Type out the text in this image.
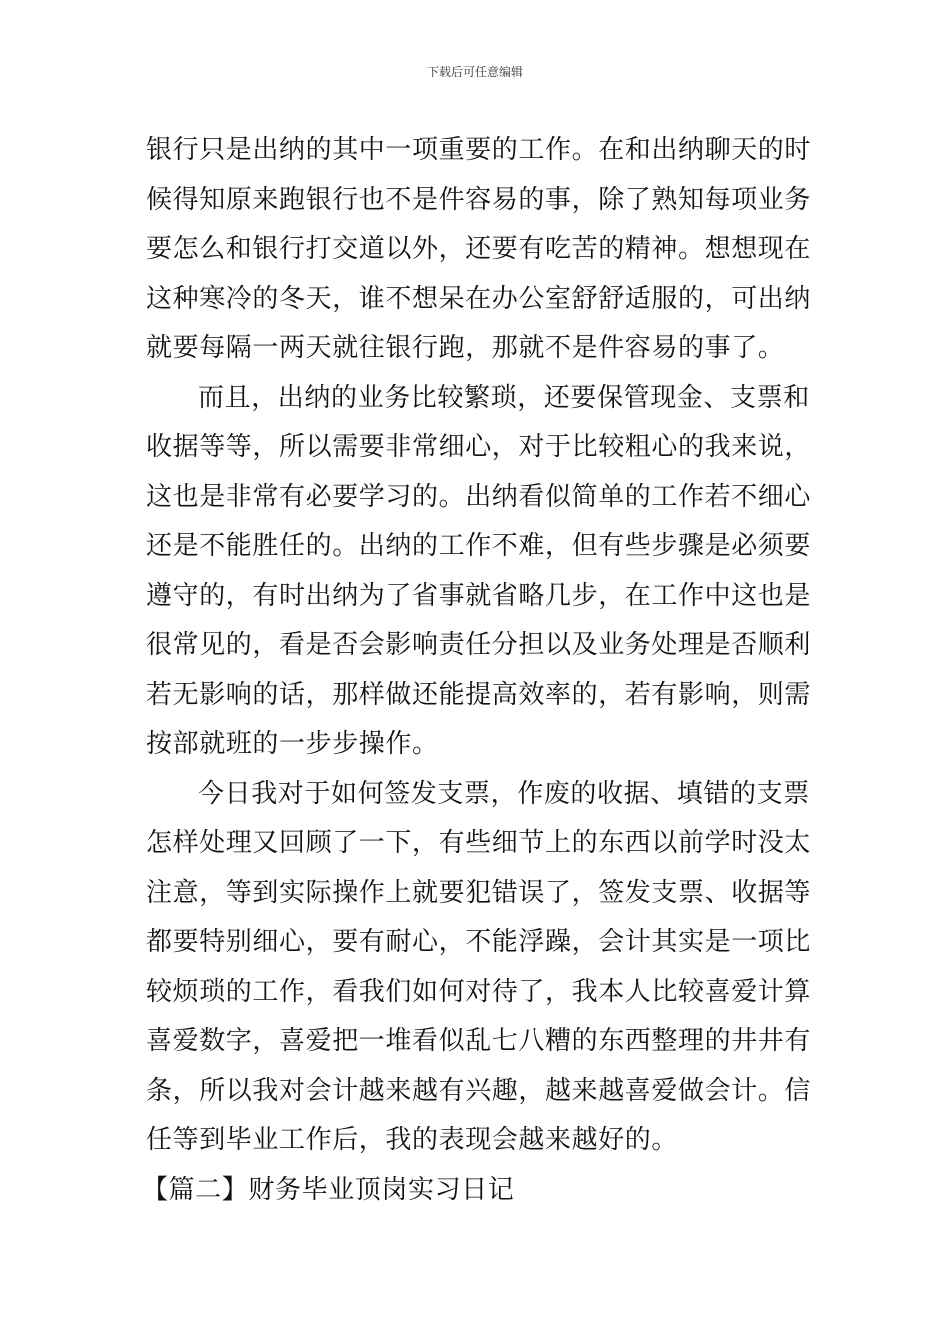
下载后可任意编辑
银行只是出纳的其中一项重要的工作。在和出纳聊天的时
候得知原来跑银行也不是件容易的事，除了熟知每项业务
要怎么和银行打交道以外，还要有吃苦的精神。想想现在
这种寒冷的冬天，谁不想呆在办公室舒舒适服的，可出纳
就要每隔一两天就往银行跑，那就不是件容易的事了。
而且，出纳的业务比较繁琐，还要保管现金、支票和
收据等等，所以需要非常细心，对于比较粗心的我来说，
这也是非常有必要学习的。出纳看似简单的工作若不细心
还是不能胜任的。出纳的工作不难，但有些步骤是必须要
遵守的，有时出纳为了省事就省略几步，在工作中这也是
很常见的，看是否会影响责任分担以及业务处理是否顺利
若无影响的话，那样做还能提高效率的，若有影响，则需
按部就班的一步步操作。
今日我对于如何签发支票，作废的收据、填错的支票
怎样处理又回顾了一下，有些细节上的东西以前学时没太
注意，等到实际操作上就要犯错误了，签发支票、收据等
都要特别细心，要有耐心，不能浮躁，会计其实是一项比
较烦琐的工作，看我们如何对待了，我本人比较喜爱计算
喜爱数字，喜爱把一堆看似乱七八糟的东西整理的井井有
条，所以我对会计越来越有兴趣，越来越喜爱做会计。信
任等到毕业工作后，我的表现会越来越好的。
【篇二】财务毕业顶岗实习日记
